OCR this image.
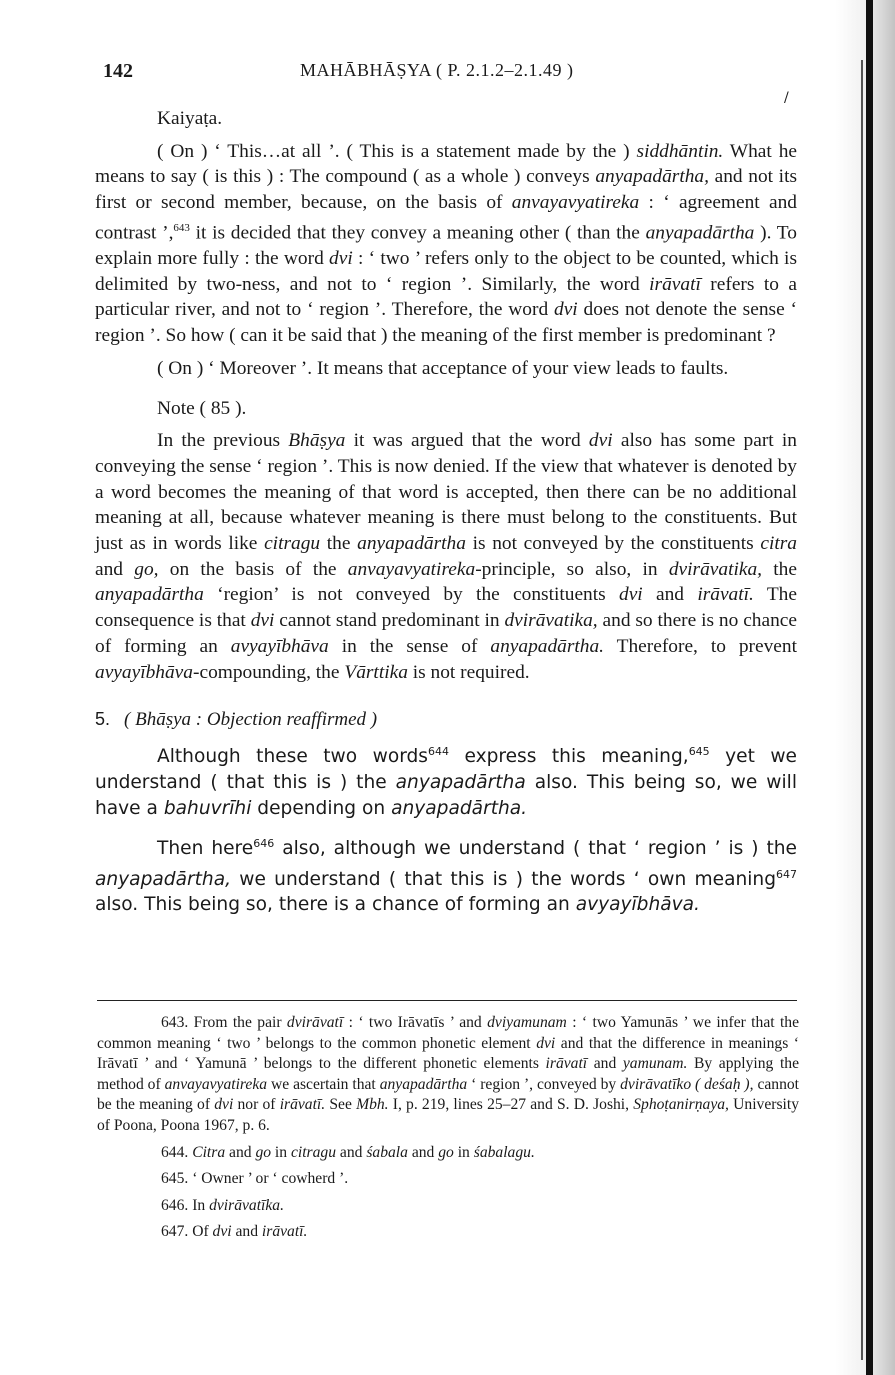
142	MAHĀBHĀṢYA ( P. 2.1.2–2.1.49 )
/

Kaiyaṭa.

( On ) ‘ This…at all ’. ( This is a statement made by the ) siddhāntin. What he means to say ( is this ) : The compound ( as a whole ) conveys anyapadārtha, and not its first or second member, because, on the basis of anvayavyatireka : ‘ agreement and contrast ’,$^{643}$ it is decided that they convey a meaning other ( than the anyapadārtha ). To explain more fully : the word dvi : ‘ two ’ refers only to the object to be counted, which is delimited by two-ness, and not to ‘ region ’. Similarly, the word irāvatī refers to a particular river, and not to ‘ region ’. Therefore, the word dvi does not denote the sense ‘ region ’. So how ( can it be said that ) the meaning of the first member is predominant ?

( On ) ‘ Moreover ’. It means that acceptance of your view leads to faults.

Note ( 85 ).

In the previous Bhāṣya it was argued that the word dvi also has some part in conveying the sense ‘ region ’. This is now denied. If the view that whatever is denoted by a word becomes the meaning of that word is accepted, then there can be no additional meaning at all, because whatever meaning is there must belong to the constituents. But just as in words like citragu the anyapadārtha is not conveyed by the constituents citra and go, on the basis of the anvayavyatireka-principle, so also, in dvirāvatika, the anyapadārtha ‘region’ is not conveyed by the constituents dvi and irāvatī. The consequence is that dvi cannot stand predominant in dvirāvatika, and so there is no chance of forming an avyayībhāva in the sense of anyapadārtha. Therefore, to prevent avyayībhāva-compounding, the Vārttika is not required.

5. ( Bhāṣya : Objection reaffirmed )

Although these two words$^{644}$ express this meaning,$^{645}$ yet we understand ( that this is ) the anyapadārtha also. This being so, we will have a bahuvrīhi depending on anyapadārtha.

Then here$^{646}$ also, although we understand ( that ‘ region ’ is ) the anyapadārtha, we understand ( that this is ) the words ‘ own meaning$^{647}$ also. This being so, there is a chance of forming an avyayībhāva.

643. From the pair dvirāvatī : ‘ two Irāvatīs ’ and dviyamunam : ‘ two Yamunās ’ we infer that the common meaning ‘ two ’ belongs to the common phonetic element dvi and that the difference in meanings ‘ Irāvatī ’ and ‘ Yamunā ’ belongs to the different phonetic elements irāvatī and yamunam. By applying the method of anvayavyatireka we ascertain that anyapadārtha ‘ region ’, conveyed by dvirāvatīko ( deśaḥ ), cannot be the meaning of dvi nor of irāvatī. See Mbh. I, p. 219, lines 25–27 and S. D. Joshi, Sphoṭanirṇaya, University of Poona, Poona 1967, p. 6.

644. Citra and go in citragu and śabala and go in śabalagu.

645. ‘ Owner ’ or ‘ cowherd ’.

646. In dvirāvatīka.

647. Of dvi and irāvatī.
